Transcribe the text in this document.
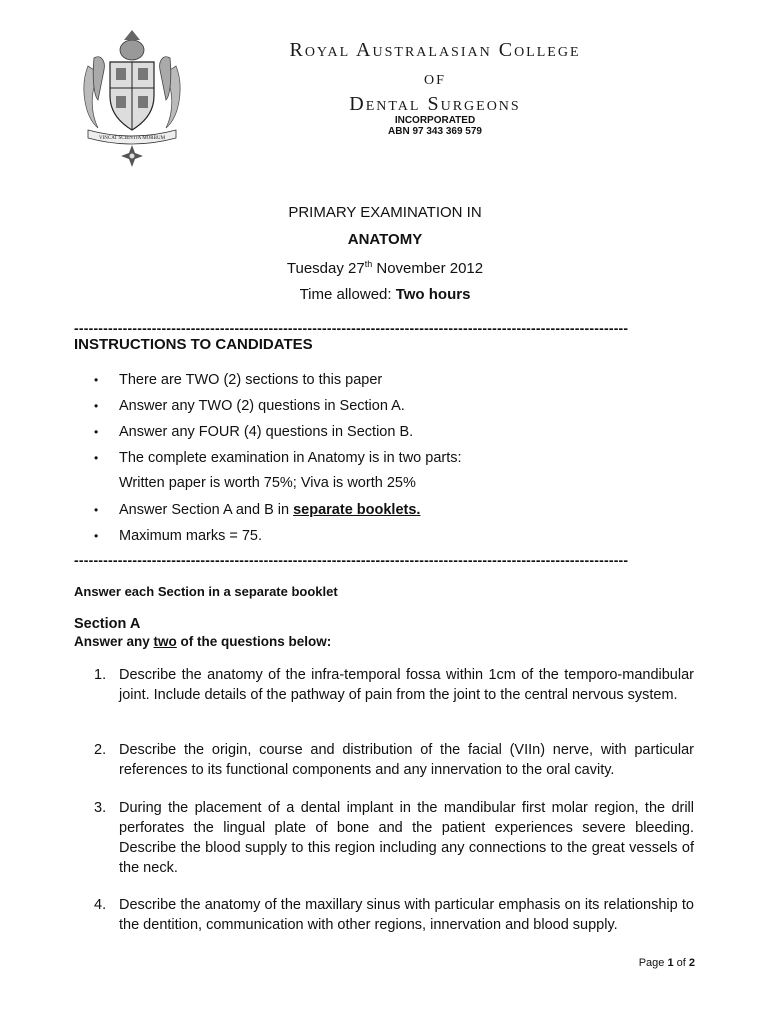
VINCAT SCIENTIA MORBUM
Royal Australasian College
of
Dental Surgeons
INCORPORATED
ABN 97 343 369 579
PRIMARY EXAMINATION IN
ANATOMY
Tuesday 27th November 2012
Time allowed: Two hours
------------------------------------------------------------------------------------------------------------------
INSTRUCTIONS TO CANDIDATES
•	There are TWO (2) sections to this paper
•	Answer any TWO (2) questions in Section A.
•	Answer any FOUR (4) questions in Section B.
•	The complete examination in Anatomy is in two parts:
Written paper is worth 75%; Viva is worth 25%
•	Answer Section A and B in separate booklets.
•	Maximum marks = 75.
------------------------------------------------------------------------------------------------------------------
Answer each Section in a separate booklet
Section A
Answer any two of the questions below:
1. Describe the anatomy of the infra-temporal fossa within 1cm of the temporo-mandibular joint. Include details of the pathway of pain from the joint to the central nervous system.
2. Describe the origin, course and distribution of the facial (VIIn) nerve, with particular references to its functional components and any innervation to the oral cavity.
3. During the placement of a dental implant in the mandibular first molar region, the drill perforates the lingual plate of bone and the patient experiences severe bleeding. Describe the blood supply to this region including any connections to the great vessels of the neck.
4. Describe the anatomy of the maxillary sinus with particular emphasis on its relationship to the dentition, communication with other regions, innervation and blood supply.
Page 1 of 2
